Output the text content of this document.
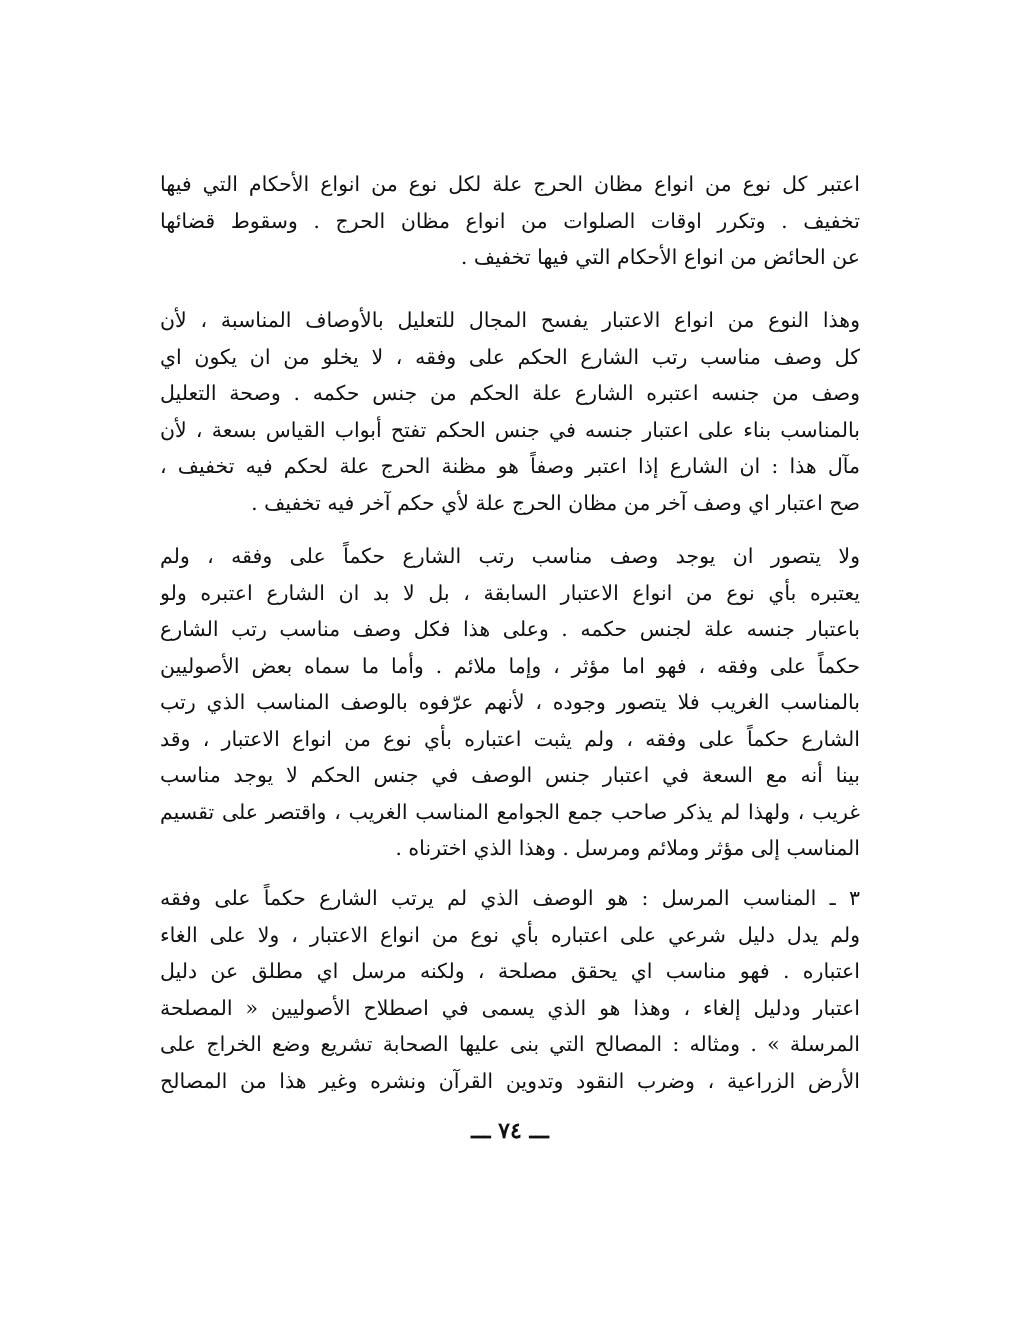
اعتبر كل نوع من انواع مظان الحرج علة لكل نوع من انواع الأحكام التي فيها
تخفيف . وتكرر اوقات الصلوات من انواع مظان الحرج . وسقوط قضائها
عن الحائض من انواع الأحكام التي فيها تخفيف .
وهذا النوع من انواع الاعتبار يفسح المجال للتعليل بالأوصاف المناسبة ، لأن
كل وصف مناسب رتب الشارع الحكم على وفقه ، لا يخلو من ان يكون اي
وصف من جنسه اعتبره الشارع علة الحكم من جنس حكمه . وصحة التعليل
بالمناسب بناء على اعتبار جنسه في جنس الحكم تفتح أبواب القياس بسعة ، لأن
مآل هذا : ان الشارع إذا اعتبر وصفاً هو مظنة الحرج علة لحكم فيه تخفيف ،
صح اعتبار اي وصف آخر من مظان الحرج علة لأي حكم آخر فيه تخفيف .
ولا يتصور ان يوجد وصف مناسب رتب الشارع حكماً على وفقه ، ولم
يعتبره بأي نوع من انواع الاعتبار السابقة ، بل لا بد ان الشارع اعتبره ولو
باعتبار جنسه علة لجنس حكمه . وعلى هذا فكل وصف مناسب رتب الشارع
حكماً على وفقه ، فهو اما مؤثر ، وإما ملائم . وأما ما سماه بعض الأصوليين
بالمناسب الغريب فلا يتصور وجوده ، لأنهم عرّفوه بالوصف المناسب الذي رتب
الشارع حكماً على وفقه ، ولم يثبت اعتباره بأي نوع من انواع الاعتبار ، وقد
بينا أنه مع السعة في اعتبار جنس الوصف في جنس الحكم لا يوجد مناسب
غريب ، ولهذا لم يذكر صاحب جمع الجوامع المناسب الغريب ، واقتصر على تقسيم
المناسب إلى مؤثر وملائم ومرسل . وهذا الذي اخترناه .
٣ ـ المناسب المرسل : هو الوصف الذي لم يرتب الشارع حكماً على وفقه
ولم يدل دليل شرعي على اعتباره بأي نوع من انواع الاعتبار ، ولا على الغاء
اعتباره . فهو مناسب اي يحقق مصلحة ، ولكنه مرسل اي مطلق عن دليل
اعتبار ودليل إلغاء ، وهذا هو الذي يسمى في اصطلاح الأصوليين « المصلحة
المرسلة » . ومثاله : المصالح التي بنى عليها الصحابة تشريع وضع الخراج على
الأرض الزراعية ، وضرب النقود وتدوين القرآن ونشره وغير هذا من المصالح
ـــ ٧٤ ـــ
